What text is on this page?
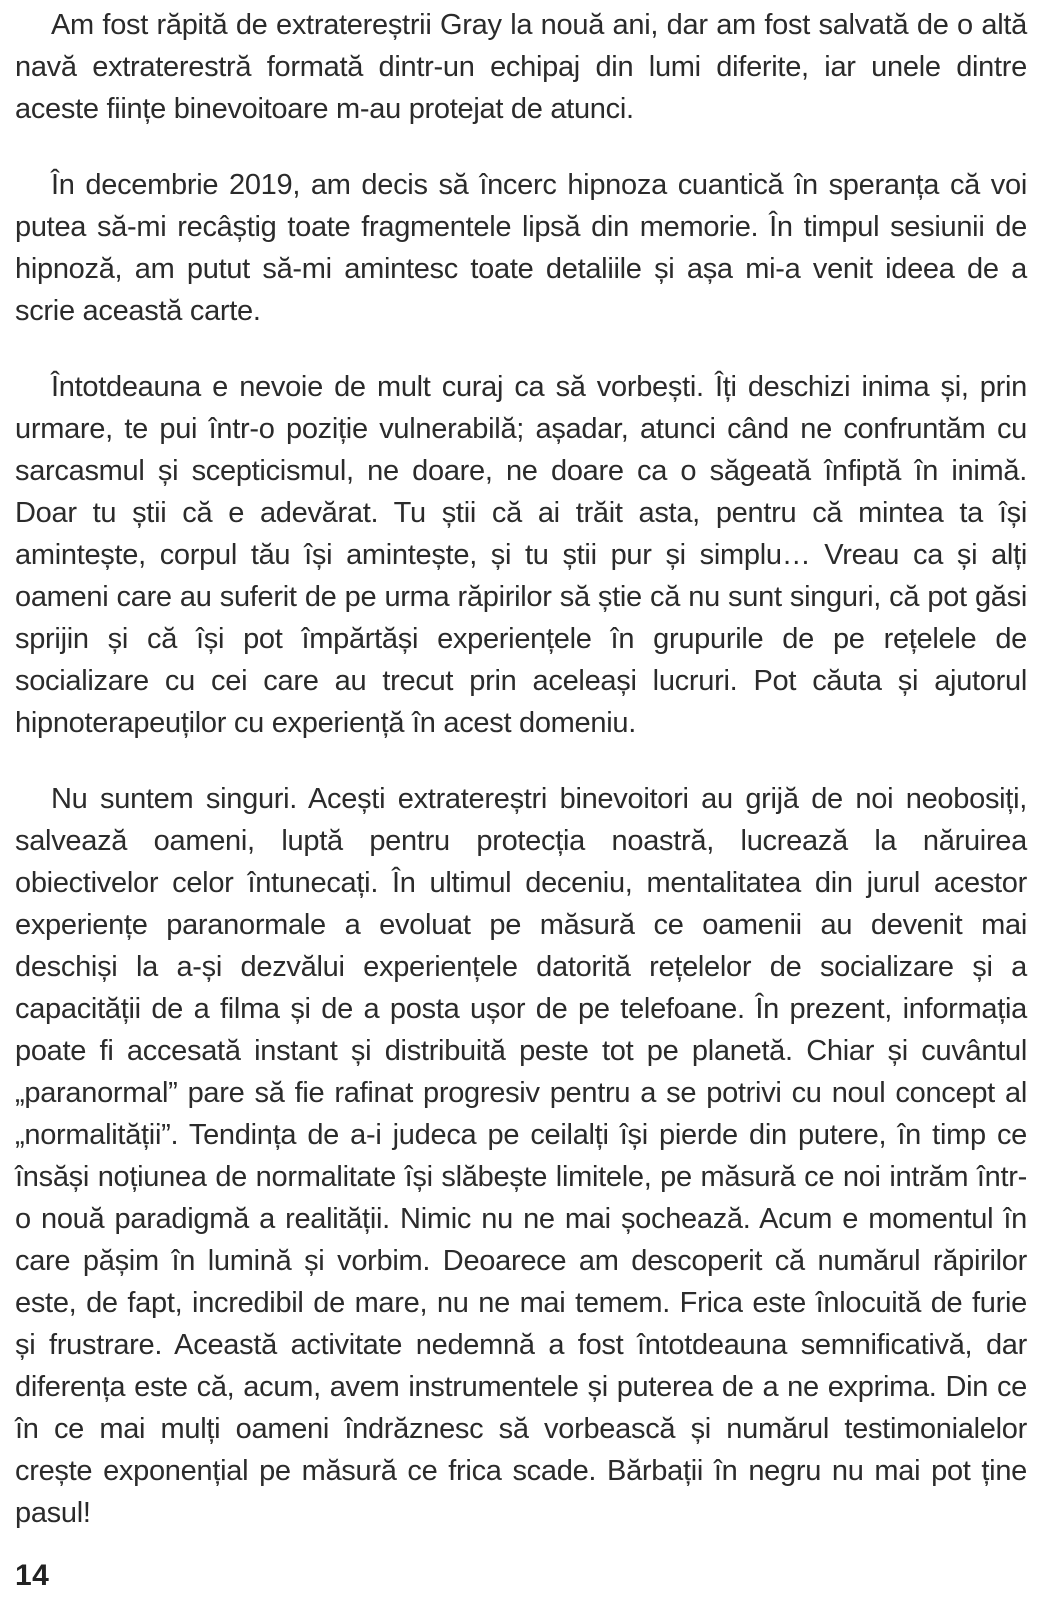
Am fost răpită de extratereștrii Gray la nouă ani, dar am fost salvată de o altă navă extraterestră formată dintr-un echipaj din lumi diferite, iar unele dintre aceste ființe binevoitoare m-au protejat de atunci.

În decembrie 2019, am decis să încerc hipnoza cuantică în speranța că voi putea să-mi recâștig toate fragmentele lipsă din memorie. În timpul sesiunii de hipnoză, am putut să-mi amintesc toate detaliile și așa mi-a venit ideea de a scrie această carte.

Întotdeauna e nevoie de mult curaj ca să vorbești. Îți deschizi inima și, prin urmare, te pui într-o poziție vulnerabilă; așadar, atunci când ne confruntăm cu sarcasmul și scepticismul, ne doare, ne doare ca o săgeată înfiptă în inimă. Doar tu știi că e adevărat. Tu știi că ai trăit asta, pentru că mintea ta își amintește, corpul tău își amintește, și tu știi pur și simplu… Vreau ca și alți oameni care au suferit de pe urma răpirilor să știe că nu sunt singuri, că pot găsi sprijin și că își pot împărtăși experiențele în grupurile de pe rețelele de socializare cu cei care au trecut prin aceleași lucruri. Pot căuta și ajutorul hipnoterapeuților cu experiență în acest domeniu.

Nu suntem singuri. Acești extratereștri binevoitori au grijă de noi neobosiți, salvează oameni, luptă pentru protecția noastră, lucrează la năruirea obiectivelor celor întunecați. În ultimul deceniu, mentalitatea din jurul acestor experiențe paranormale a evoluat pe măsură ce oamenii au devenit mai deschiși la a-și dezvălui experiențele datorită rețelelor de socializare și a capacității de a filma și de a posta ușor de pe telefoane. În prezent, informația poate fi accesată instant și distribuită peste tot pe planetă. Chiar și cuvântul „paranormal” pare să fie rafinat progresiv pentru a se potrivi cu noul concept al „normalității”. Tendința de a-i judeca pe ceilalți își pierde din putere, în timp ce însăși noțiunea de normalitate își slăbește limitele, pe măsură ce noi intrăm într-o nouă paradigmă a realității. Nimic nu ne mai șochează. Acum e momentul în care pășim în lumină și vorbim. Deoarece am descoperit că numărul răpirilor este, de fapt, incredibil de mare, nu ne mai temem. Frica este înlocuită de furie și frustrare. Această activitate nedemnă a fost întotdeauna semnificativă, dar diferența este că, acum, avem instrumentele și puterea de a ne exprima. Din ce în ce mai mulți oameni îndrăznesc să vorbească și numărul testimonialelor crește exponențial pe măsură ce frica scade. Bărbații în negru nu mai pot ține pasul!

14
